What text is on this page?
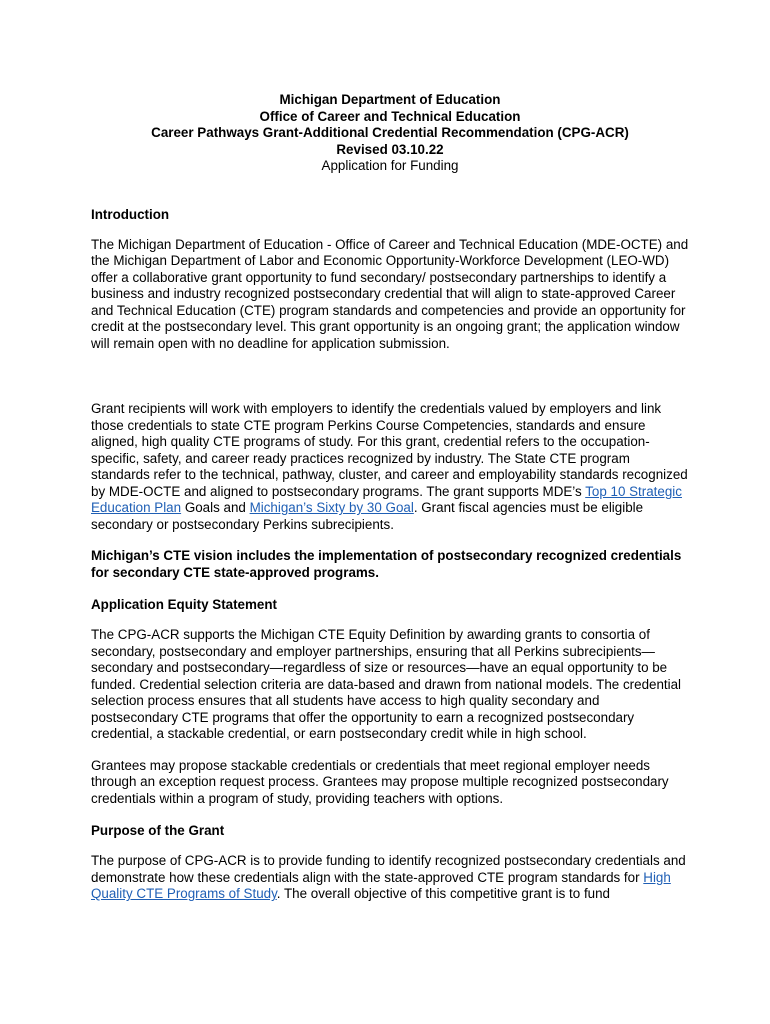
Michigan Department of Education
Office of Career and Technical Education
Career Pathways Grant-Additional Credential Recommendation (CPG-ACR)
Revised 03.10.22
Application for Funding
Introduction

The Michigan Department of Education - Office of Career and Technical Education (MDE-OCTE) and the Michigan Department of Labor and Economic Opportunity-Workforce Development (LEO-WD) offer a collaborative grant opportunity to fund secondary/ postsecondary partnerships to identify a business and industry recognized postsecondary credential that will align to state-approved Career and Technical Education (CTE) program standards and competencies and provide an opportunity for credit at the postsecondary level. This grant opportunity is an ongoing grant; the application window will remain open with no deadline for application submission.

Grant recipients will work with employers to identify the credentials valued by employers and link those credentials to state CTE program Perkins Course Competencies, standards and ensure aligned, high quality CTE programs of study. For this grant, credential refers to the occupation-specific, safety, and career ready practices recognized by industry. The State CTE program standards refer to the technical, pathway, cluster, and career and employability standards recognized by MDE-OCTE and aligned to postsecondary programs. The grant supports MDE’s Top 10 Strategic Education Plan Goals and Michigan’s Sixty by 30 Goal. Grant fiscal agencies must be eligible secondary or postsecondary Perkins subrecipients.

Michigan’s CTE vision includes the implementation of postsecondary recognized credentials for secondary CTE state-approved programs.

Application Equity Statement

The CPG-ACR supports the Michigan CTE Equity Definition by awarding grants to consortia of secondary, postsecondary and employer partnerships, ensuring that all Perkins subrecipients—secondary and postsecondary—regardless of size or resources—have an equal opportunity to be funded. Credential selection criteria are data-based and drawn from national models. The credential selection process ensures that all students have access to high quality secondary and postsecondary CTE programs that offer the opportunity to earn a recognized postsecondary credential, a stackable credential, or earn postsecondary credit while in high school.

Grantees may propose stackable credentials or credentials that meet regional employer needs through an exception request process. Grantees may propose multiple recognized postsecondary credentials within a program of study, providing teachers with options.

Purpose of the Grant

The purpose of CPG-ACR is to provide funding to identify recognized postsecondary credentials and demonstrate how these credentials align with the state-approved CTE program standards for High Quality CTE Programs of Study. The overall objective of this competitive grant is to fund
